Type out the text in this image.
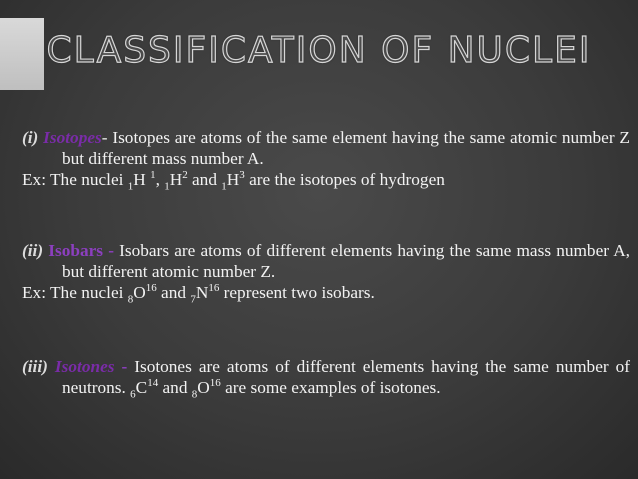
CLASSIFICATION OF NUCLEI

(i) Isotopes- Isotopes are atoms of the same element having the same atomic number Z but different mass number A.

Ex: The nuclei $_1$H $^1$, $_1H^2$ and $_1H^3$ are the isotopes of hydrogen

(ii) Isobars - Isobars are atoms of different elements having the same mass number A, but different atomic number Z.

Ex: The nuclei $_8O^{16}$ and $_7N^{16}$ represent two isobars.

(iii) Isotones - Isotones are atoms of different elements having the same number of neutrons. $_6C^{14}$ and $_8O^{16}$ are some examples of isotones.
